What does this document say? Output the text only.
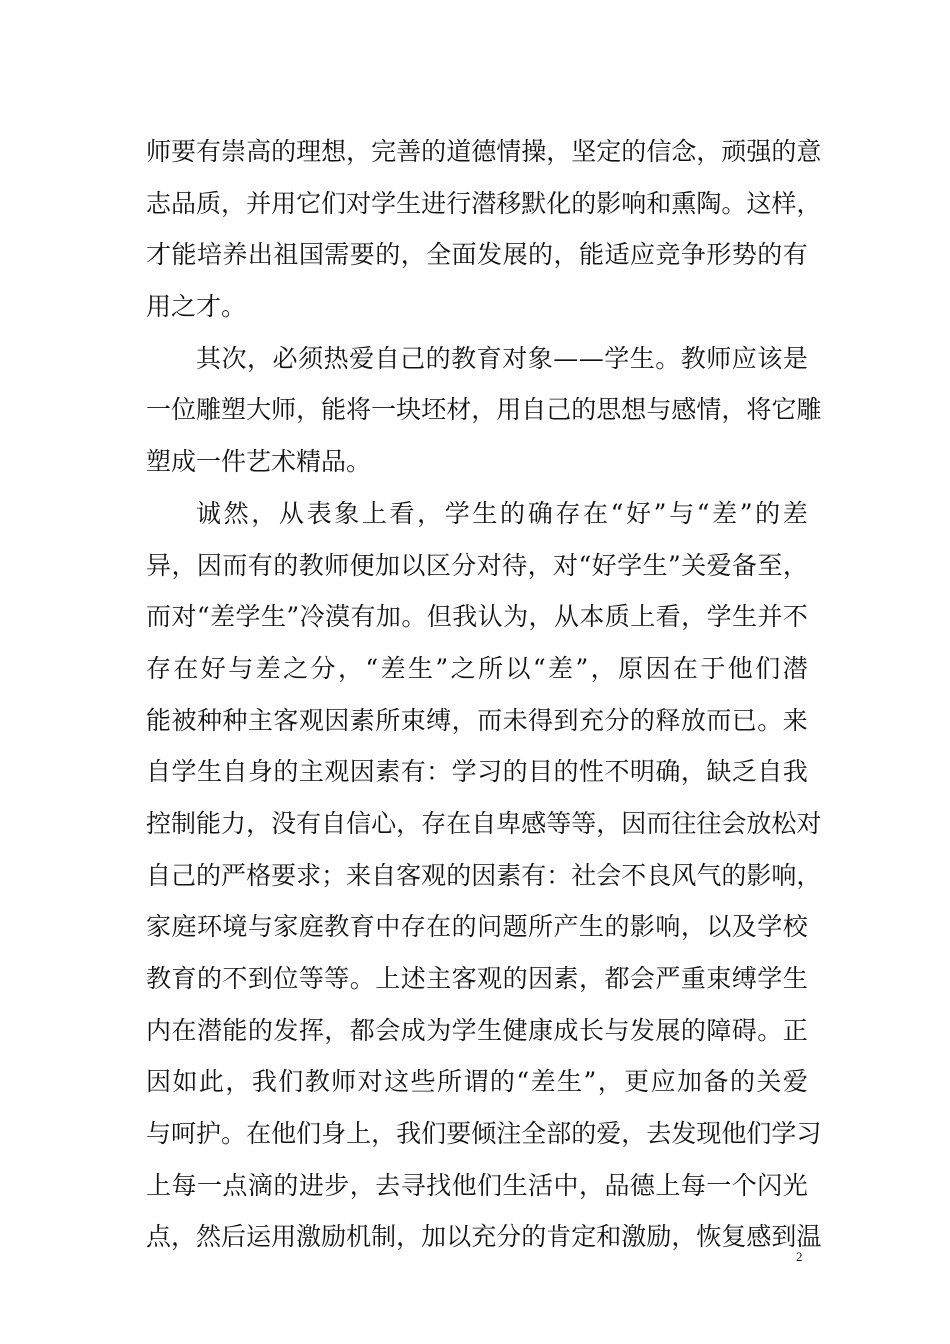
师 要 有 崇 高 的 理 想 ， 完 善 的 道 德 情 操 ， 坚 定 的 信 念 ， 顽 强 的 意
志 品 质 ， 并 用 它 们 对 学 生 进 行 潜 移 默 化 的 影 响 和 熏 陶 。 这 样 ，
才 能 培 养 出 祖 国 需 要 的 ， 全 面 发 展 的 ， 能 适 应 竞 争 形 势 的 有
用之才。
其 次 ， 必 须 热 爱 自 己 的 教 育 对 象 — — 学 生 。 教 师 应 该 是
一 位 雕 塑 大 师 ， 能 将 一 块 坯 材 ， 用 自 己 的 思 想 与 感 情 ， 将 它 雕
塑成一件艺术精品。
诚 然 ， 从 表 象 上 看 ， 学 生 的 确 存 在 “ 好 ” 与 “ 差 ” 的 差
异 ， 因 而 有 的 教 师 便 加 以 区 分 对 待 ， 对 “ 好 学 生 ” 关 爱 备 至 ，
而 对 “ 差 学 生 ” 冷 漠 有 加 。 但 我 认 为 ， 从 本 质 上 看 ， 学 生 并 不
存 在 好 与 差 之 分 ， “ 差 生 ” 之 所 以 “ 差 ” ， 原 因 在 于 他 们 潜
能 被 种 种 主 客 观 因 素 所 束 缚 ， 而 未 得 到 充 分 的 释 放 而 已 。 来
自 学 生 自 身 的 主 观 因 素 有 ： 学 习 的 目 的 性 不 明 确 ， 缺 乏 自 我
控 制 能 力 ， 没 有 自 信 心 ， 存 在 自 卑 感 等 等 ， 因 而 往 往 会 放 松 对
自 己 的 严 格 要 求 ； 来 自 客 观 的 因 素 有 ： 社 会 不 良 风 气 的 影 响 ，
家 庭 环 境 与 家 庭 教 育 中 存 在 的 问 题 所 产 生 的 影 响 ， 以 及 学 校
教 育 的 不 到 位 等 等 。 上 述 主 客 观 的 因 素 ， 都 会 严 重 束 缚 学 生
内 在 潜 能 的 发 挥 ， 都 会 成 为 学 生 健 康 成 长 与 发 展 的 障 碍 。 正
因 如 此 ， 我 们 教 师 对 这 些 所 谓 的 “ 差 生 ” ， 更 应 加 备 的 关 爱
与 呵 护 。 在 他 们 身 上 ， 我 们 要 倾 注 全 部 的 爱 ， 去 发 现 他 们 学 习
上 每 一 点 滴 的 进 步 ， 去 寻 找 他 们 生 活 中 ， 品 德 上 每 一 个 闪 光
点 ， 然 后 运 用 激 励 机 制 ， 加 以 充 分 的 肯 定 和 激 励 ， 恢 复 感 到 温
2
